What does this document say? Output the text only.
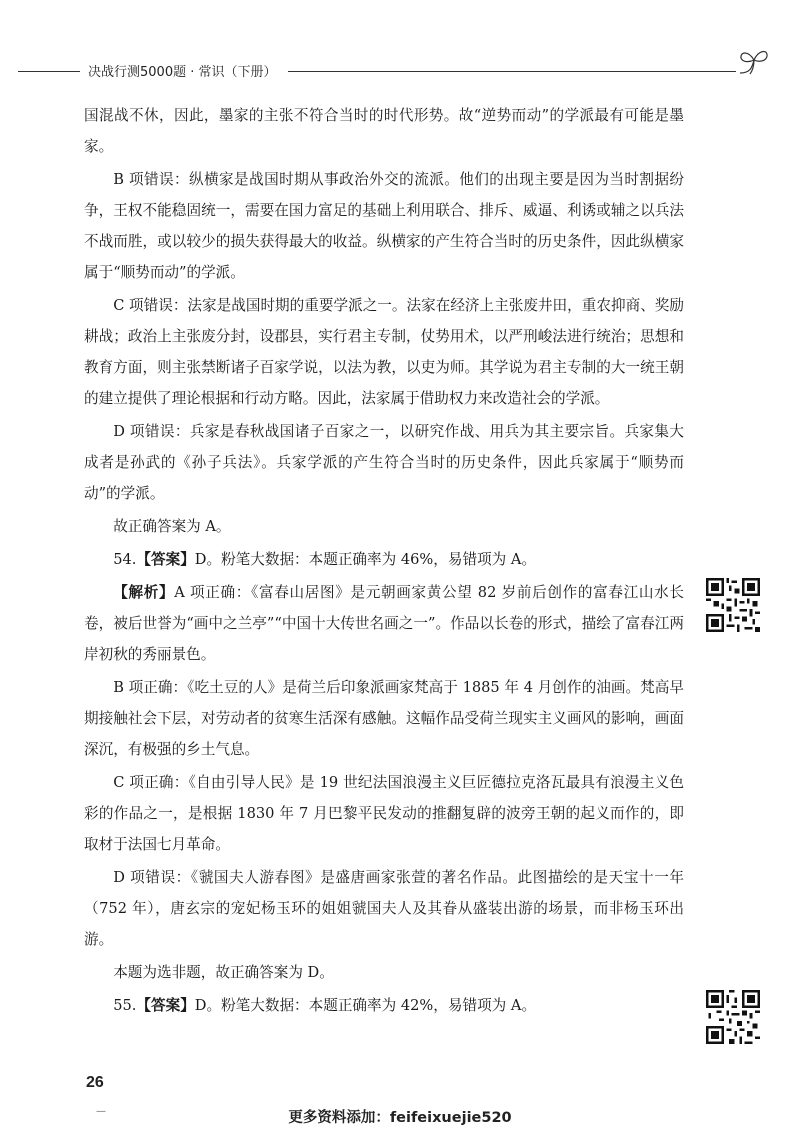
决战行测5000题 · 常识（下册）

国混战不休，因此，墨家的主张不符合当时的时代形势。故“逆势而动”的学派最有可能是墨家。

B 项错误：纵横家是战国时期从事政治外交的流派。他们的出现主要是因为当时割据纷争，王权不能稳固统一，需要在国力富足的基础上利用联合、排斥、威逼、利诱或辅之以兵法不战而胜，或以较少的损失获得最大的收益。纵横家的产生符合当时的历史条件，因此纵横家属于“顺势而动”的学派。

C 项错误：法家是战国时期的重要学派之一。法家在经济上主张废井田，重农抑商、奖励耕战；政治上主张废分封，设郡县，实行君主专制，仗势用术，以严刑峻法进行统治；思想和教育方面，则主张禁断诸子百家学说，以法为教，以吏为师。其学说为君主专制的大一统王朝的建立提供了理论根据和行动方略。因此，法家属于借助权力来改造社会的学派。

D 项错误：兵家是春秋战国诸子百家之一，以研究作战、用兵为其主要宗旨。兵家集大成者是孙武的《孙子兵法》。兵家学派的产生符合当时的历史条件，因此兵家属于“顺势而动”的学派。

故正确答案为 A。

54.【答案】D。粉笔大数据：本题正确率为 46%，易错项为 A。

【解析】A 项正确：《富春山居图》是元朝画家黄公望 82 岁前后创作的富春江山水长卷，被后世誉为“画中之兰亭”“中国十大传世名画之一”。作品以长卷的形式，描绘了富春江两岸初秋的秀丽景色。

B 项正确：《吃土豆的人》是荷兰后印象派画家梵高于 1885 年 4 月创作的油画。梵高早期接触社会下层，对劳动者的贫寒生活深有感触。这幅作品受荷兰现实主义画风的影响，画面深沉，有极强的乡土气息。

C 项正确：《自由引导人民》是 19 世纪法国浪漫主义巨匠德拉克洛瓦最具有浪漫主义色彩的作品之一，是根据 1830 年 7 月巴黎平民发动的推翻复辟的波旁王朝的起义而作的，即取材于法国七月革命。

D 项错误：《虢国夫人游春图》是盛唐画家张萱的著名作品。此图描绘的是天宝十一年（752 年），唐玄宗的宠妃杨玉环的姐姐虢国夫人及其眷从盛装出游的场景，而非杨玉环出游。

本题为选非题，故正确答案为 D。

55.【答案】D。粉笔大数据：本题正确率为 42%，易错项为 A。

26
—	更多资料添加：feifeixuejie520
